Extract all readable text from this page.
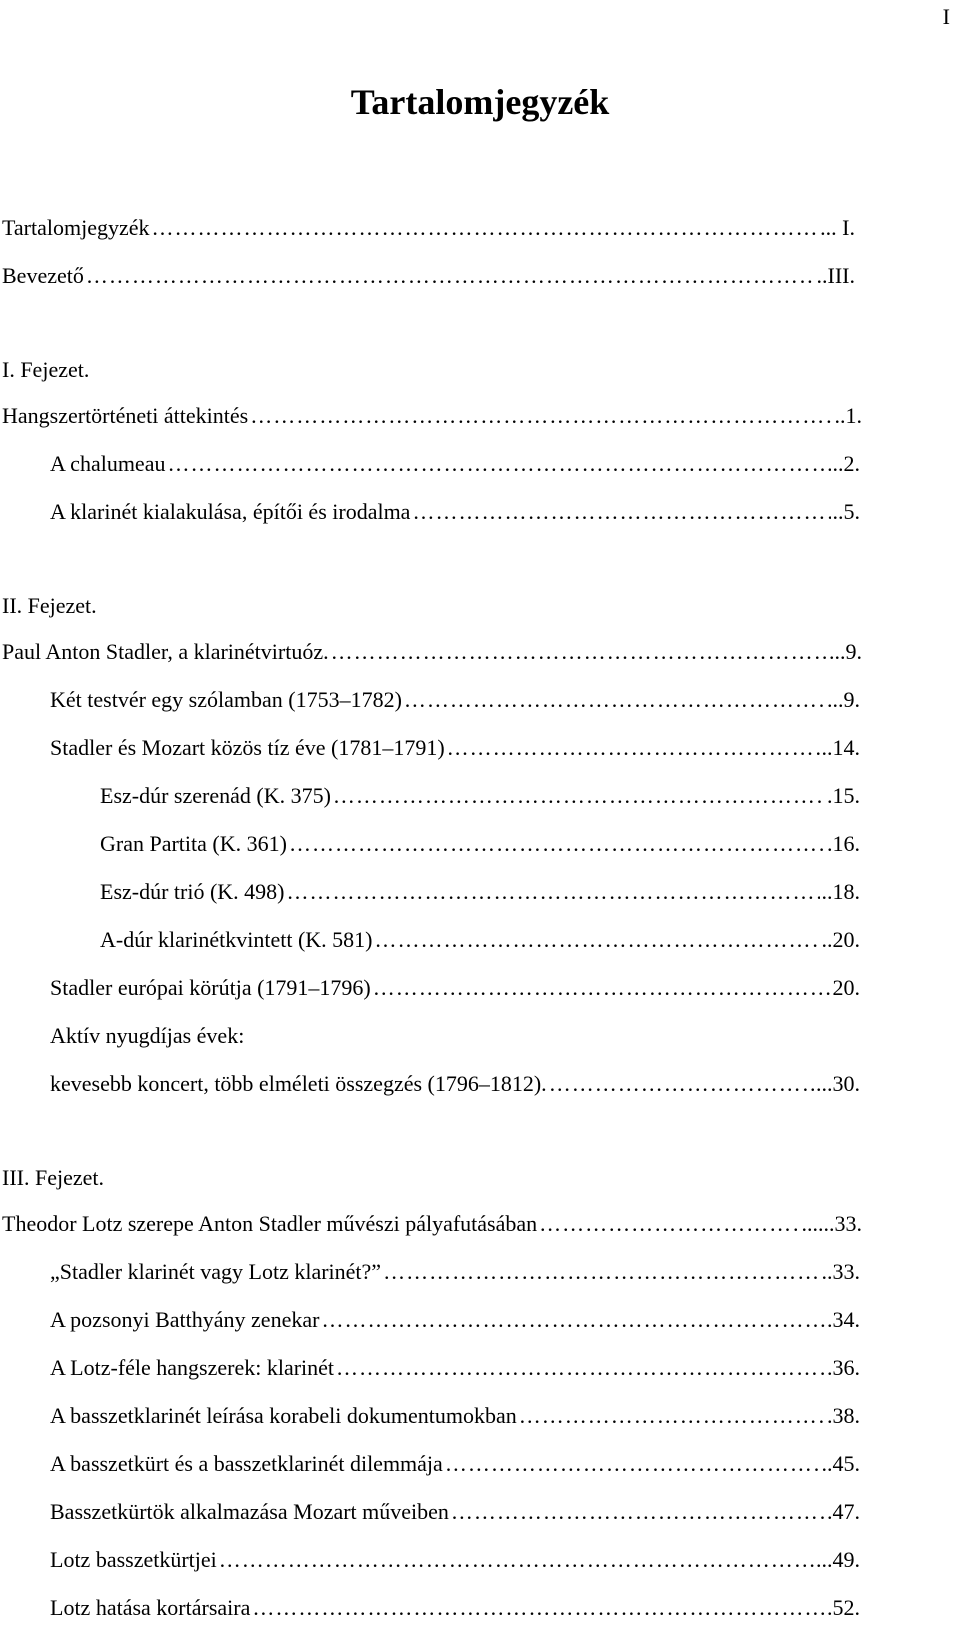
I
Tartalomjegyzék
Tartalomjegyzék …………………………………………………………………………………………………………………………………………	... I.
Bevezető …………………………………………………………………………………………………………………………………………	..III.
I. Fejezet.
Hangszertörténeti áttekintés …………………………………………………………………………………………………………………………………………	..1.
A chalumeau …………………………………………………………………………………………………………………………………………	..2.
A klarinét kialakulása, építői és irodalma …………………………………………………………………………………………………………………………………………	..5.
II. Fejezet.
Paul Anton Stadler, a klarinétvirtuóz. …………………………………………………………………………………………………………………………………………	...9.
Két testvér egy szólamban (1753–1782) …………………………………………………………………………………………………………………………………………	...9.
Stadler és Mozart közös tíz éve (1781–1791) …………………………………………………………………………………………………………………………………………	..14.
Esz-dúr szerenád (K. 375) …………………………………………………………………………………………………………………………………………	.15.
Gran Partita (K. 361) …………………………………………………………………………………………………………………………………………	.16.
Esz-dúr trió (K. 498) …………………………………………………………………………………………………………………………………………	..18.
A-dúr klarinétkvintett (K. 581) …………………………………………………………………………………………………………………………………………	..20.
Stadler európai körútja (1791–1796) …………………………………………………………………………………………………………………………………………	20.
Aktív nyugdíjas évek:
kevesebb koncert, több elméleti összegzés (1796–1812). …………………………………………………………………………………………………………………………………………	...30.
III. Fejezet.
Theodor Lotz szerepe Anton Stadler művészi pályafutásában …………………………………………………………………………………………………………………………………………	......33.
„Stadler klarinét vagy Lotz klarinét?” …………………………………………………………………………………………………………………………………………	..33.
A pozsonyi Batthyány zenekar …………………………………………………………………………………………………………………………………………	.34.
A Lotz-féle hangszerek: klarinét …………………………………………………………………………………………………………………………………………	.36.
A basszetklarinét leírása korabeli dokumentumokban …………………………………………………………………………………………………………………………………………	.38.
A basszetkürt és a basszetklarinét dilemmája …………………………………………………………………………………………………………………………………………	..45.
Basszetkürtök alkalmazása Mozart műveiben …………………………………………………………………………………………………………………………………………	.47.
Lotz basszetkürtjei …………………………………………………………………………………………………………………………………………	...49.
Lotz hatása kortársaira …………………………………………………………………………………………………………………………………………	.52.
